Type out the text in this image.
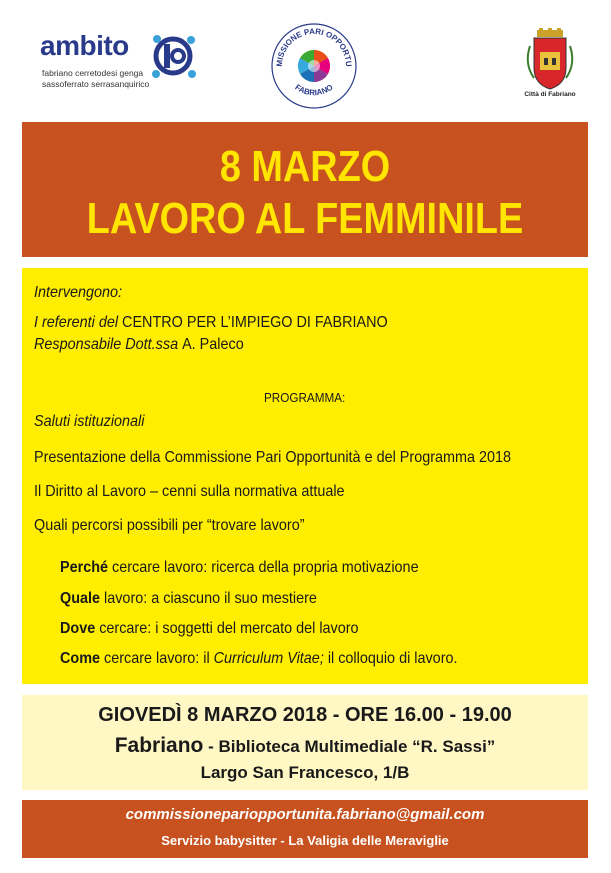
ambito
fabriano cerretodesi genga
sassoferrato serrasanquirico
MISSIONE PARI OPPORTU
FABRIANO
Città di Fabriano
8 MARZO
LAVORO AL FEMMINILE
Intervengono:
I referenti del CENTRO PER L’IMPIEGO DI FABRIANO
Responsabile Dott.ssa A. Paleco
PROGRAMMA:
Saluti istituzionali
Presentazione della Commissione Pari Opportunità e del Programma 2018
Il Diritto al Lavoro – cenni sulla normativa attuale
Quali percorsi possibili per “trovare lavoro”
Perché cercare lavoro: ricerca della propria motivazione
Quale lavoro: a ciascuno il suo mestiere
Dove cercare: i soggetti del mercato del lavoro
Come cercare lavoro: il Curriculum Vitae; il colloquio di lavoro.
GIOVEDÌ 8 MARZO 2018 - ORE 16.00 - 19.00
Fabriano - Biblioteca Multimediale “R. Sassi”
Largo San Francesco, 1/B
commissionepariopportunita.fabriano@gmail.com
Servizio babysitter - La Valigia delle Meraviglie
